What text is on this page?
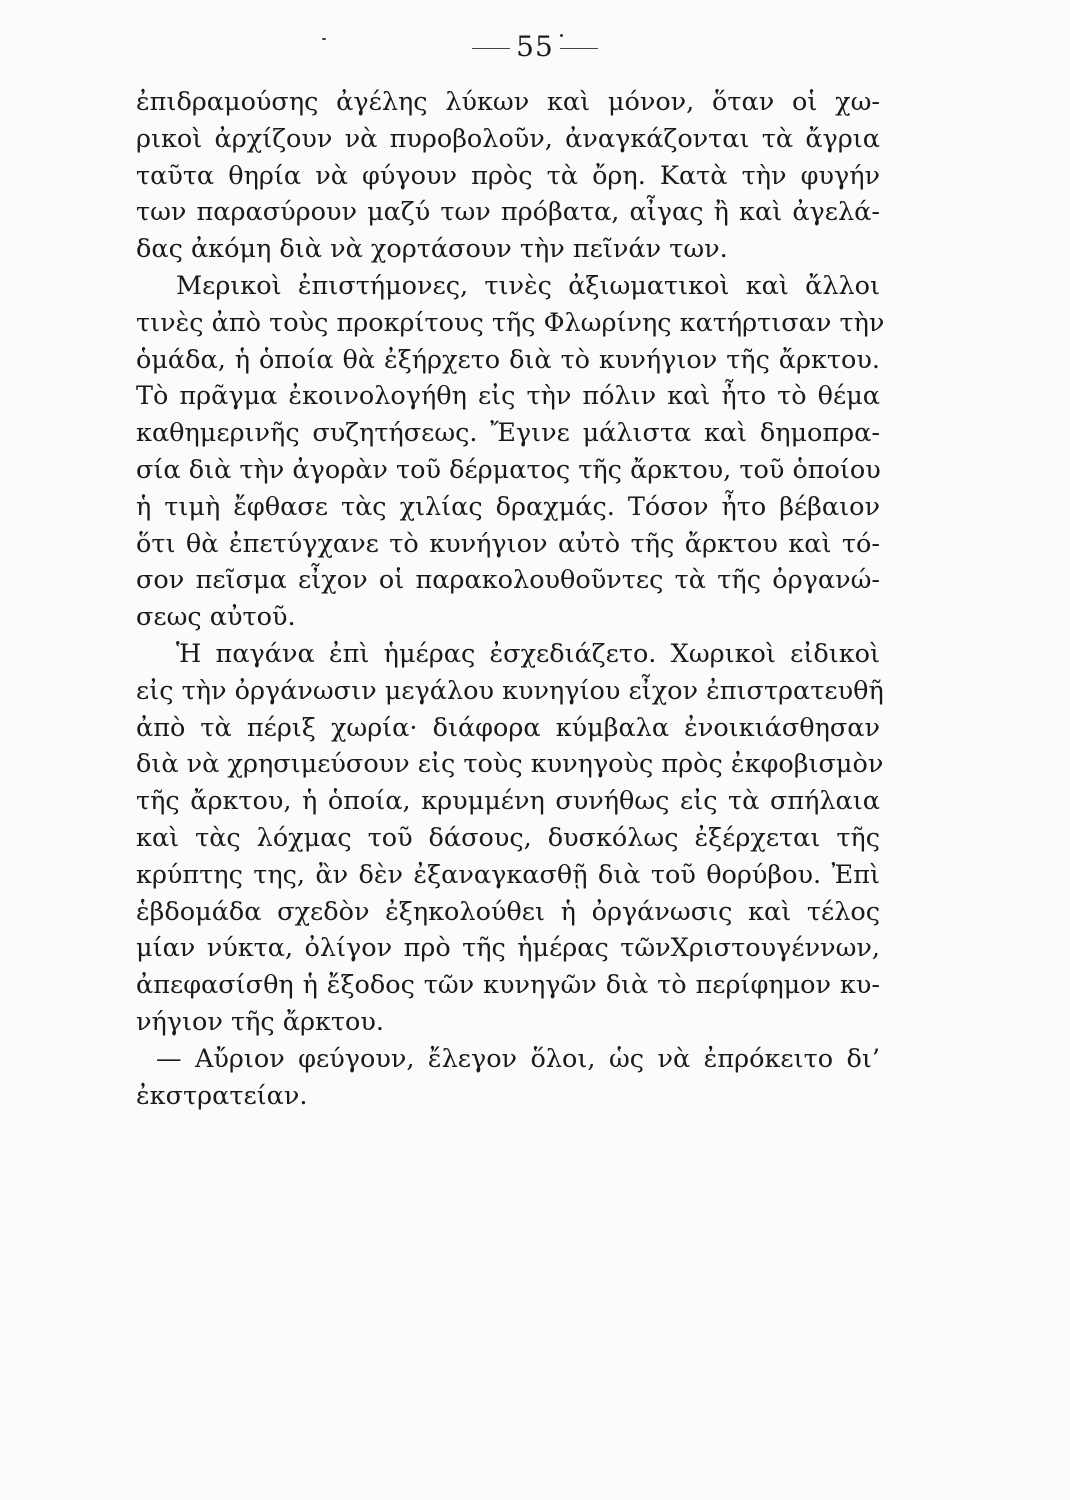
55

ἐπιδραμούσης ἀγέλης λύκων καὶ μόνον, ὅταν οἱ χω-
ρικοὶ ἀρχίζουν νὰ πυροβολοῦν, ἀναγκάζονται τὰ ἄγρια
ταῦτα θηρία νὰ φύγουν πρὸς τὰ ὄρη. Κατὰ τὴν φυγήν
των παρασύρουν μαζύ των πρόβατα, αἶγας ἢ καὶ ἀγελά-
δας ἀκόμη διὰ νὰ χορτάσουν τὴν πεῖνάν των.

Μερικοὶ ἐπιστήμονες, τινὲς ἀξιωματικοὶ καὶ ἄλλοι
τινὲς ἀπὸ τοὺς προκρίτους τῆς Φλωρίνης κατήρτισαν τὴν
ὁμάδα, ἡ ὁποία θὰ ἐξήρχετο διὰ τὸ κυνήγιον τῆς ἄρκτου.
Τὸ πρᾶγμα ἐκοινολογήθη εἰς τὴν πόλιν καὶ ἦτο τὸ θέμα
καθημερινῆς συζητήσεως. Ἔγινε μάλιστα καὶ δημοπρα-
σία διὰ τὴν ἀγορὰν τοῦ δέρματος τῆς ἄρκτου, τοῦ ὁποίου
ἡ τιμὴ ἔφθασε τὰς χιλίας δραχμάς. Τόσον ἦτο βέβαιον
ὅτι θὰ ἐπετύγχανε τὸ κυνήγιον αὐτὸ τῆς ἄρκτου καὶ τό-
σον πεῖσμα εἶχον οἱ παρακολουθοῦντες τὰ τῆς ὀργανώ-
σεως αὐτοῦ.

Ἡ παγάνα ἐπὶ ἡμέρας ἐσχεδιάζετο. Χωρικοὶ εἰδικοὶ
εἰς τὴν ὀργάνωσιν μεγάλου κυνηγίου εἶχον ἐπιστρατευθῆ
ἀπὸ τὰ πέριξ χωρία· διάφορα κύμβαλα ἐνοικιάσθησαν
διὰ νὰ χρησιμεύσουν εἰς τοὺς κυνηγοὺς πρὸς ἐκφοβισμὸν
τῆς ἄρκτου, ἡ ὁποία, κρυμμένη συνήθως εἰς τὰ σπήλαια
καὶ τὰς λόχμας τοῦ δάσους, δυσκόλως ἐξέρχεται τῆς
κρύπτης της, ἂν δὲν ἐξαναγκασθῇ διὰ τοῦ θορύβου. Ἐπὶ
ἑβδομάδα σχεδὸν ἐξηκολούθει ἡ ὀργάνωσις καὶ τέλος
μίαν νύκτα, ὀλίγον πρὸ τῆς ἡμέρας τῶνΧριστουγέννων,
ἀπεφασίσθη ἡ ἔξοδος τῶν κυνηγῶν διὰ τὸ περίφημον κυ-
νήγιον τῆς ἄρκτου.

— Αὔριον φεύγουν, ἔλεγον ὅλοι, ὡς νὰ ἐπρόκειτο δι’
ἐκστρατείαν.
